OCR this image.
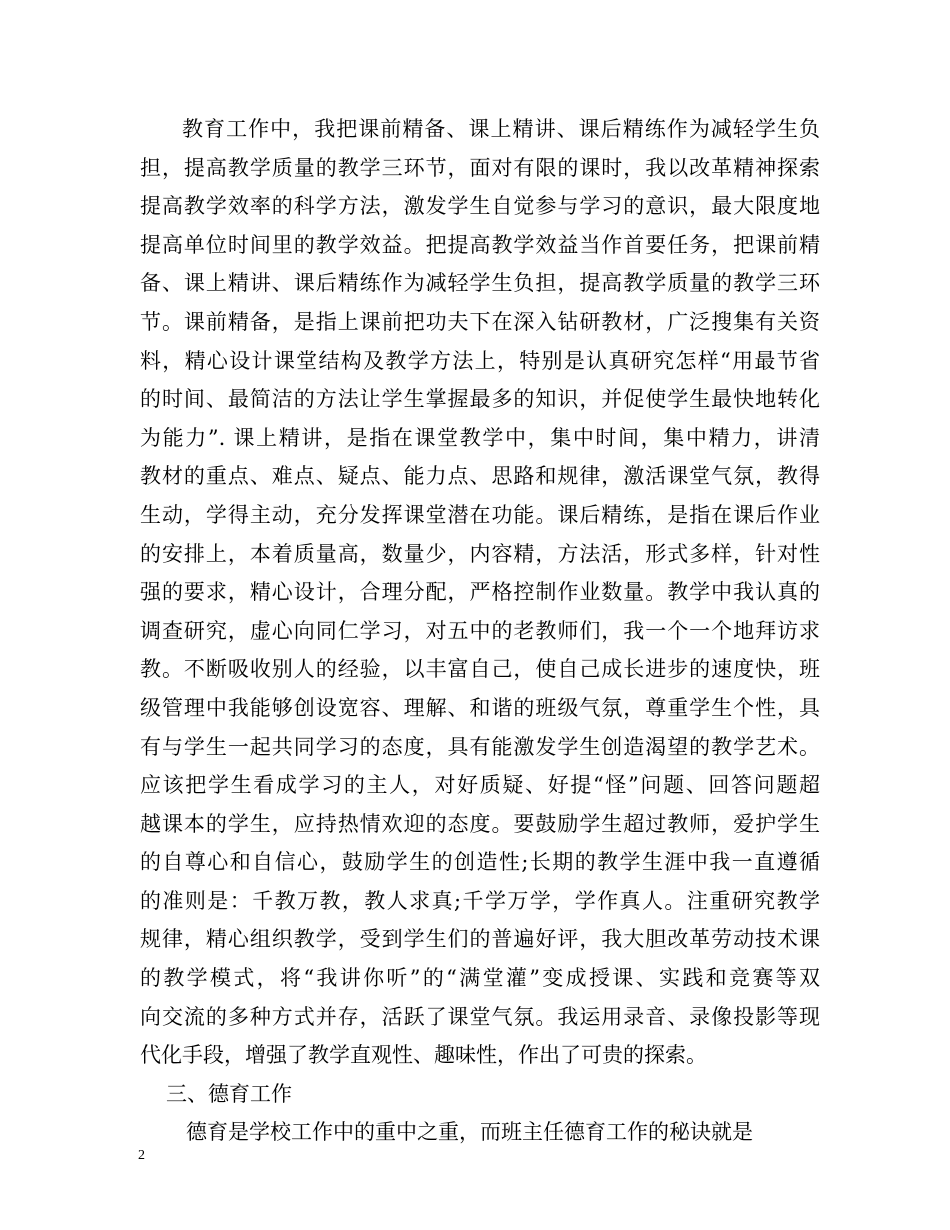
教育工作中，我把课前精备、课上精讲、课后精练作为减轻学生负
担，提高教学质量的教学三环节，面对有限的课时，我以改革精神探索
提高教学效率的科学方法，激发学生自觉参与学习的意识，最大限度地
提高单位时间里的教学效益。把提高教学效益当作首要任务，把课前精
备、课上精讲、课后精练作为减轻学生负担，提高教学质量的教学三环
节。课前精备，是指上课前把功夫下在深入钻研教材，广泛搜集有关资
料，精心设计课堂结构及教学方法上，特别是认真研究怎样“用最节省
的时间、最简洁的方法让学生掌握最多的知识，并促使学生最快地转化
为能力”. 课上精讲，是指在课堂教学中，集中时间，集中精力，讲清
教材的重点、难点、疑点、能力点、思路和规律，激活课堂气氛，教得
生动，学得主动，充分发挥课堂潜在功能。课后精练，是指在课后作业
的安排上，本着质量高，数量少，内容精，方法活，形式多样，针对性
强的要求，精心设计，合理分配，严格控制作业数量。教学中我认真的
调查研究，虚心向同仁学习，对五中的老教师们，我一个一个地拜访求
教。不断吸收别人的经验，以丰富自己，使自己成长进步的速度快，班
级管理中我能够创设宽容、理解、和谐的班级气氛，尊重学生个性，具
有与学生一起共同学习的态度，具有能激发学生创造渴望的教学艺术。
应该把学生看成学习的主人，对好质疑、好提“怪”问题、回答问题超
越课本的学生，应持热情欢迎的态度。要鼓励学生超过教师，爱护学生
的自尊心和自信心，鼓励学生的创造性;长期的教学生涯中我一直遵循
的准则是：千教万教，教人求真;千学万学，学作真人。注重研究教学
规律，精心组织教学，受到学生们的普遍好评，我大胆改革劳动技术课
的教学模式，将“我讲你听”的“满堂灌”变成授课、实践和竞赛等双
向交流的多种方式并存，活跃了课堂气氛。我运用录音、录像投影等现
代化手段，增强了教学直观性、趣味性，作出了可贵的探索。
三、德育工作
德育是学校工作中的重中之重，而班主任德育工作的秘诀就是
2
